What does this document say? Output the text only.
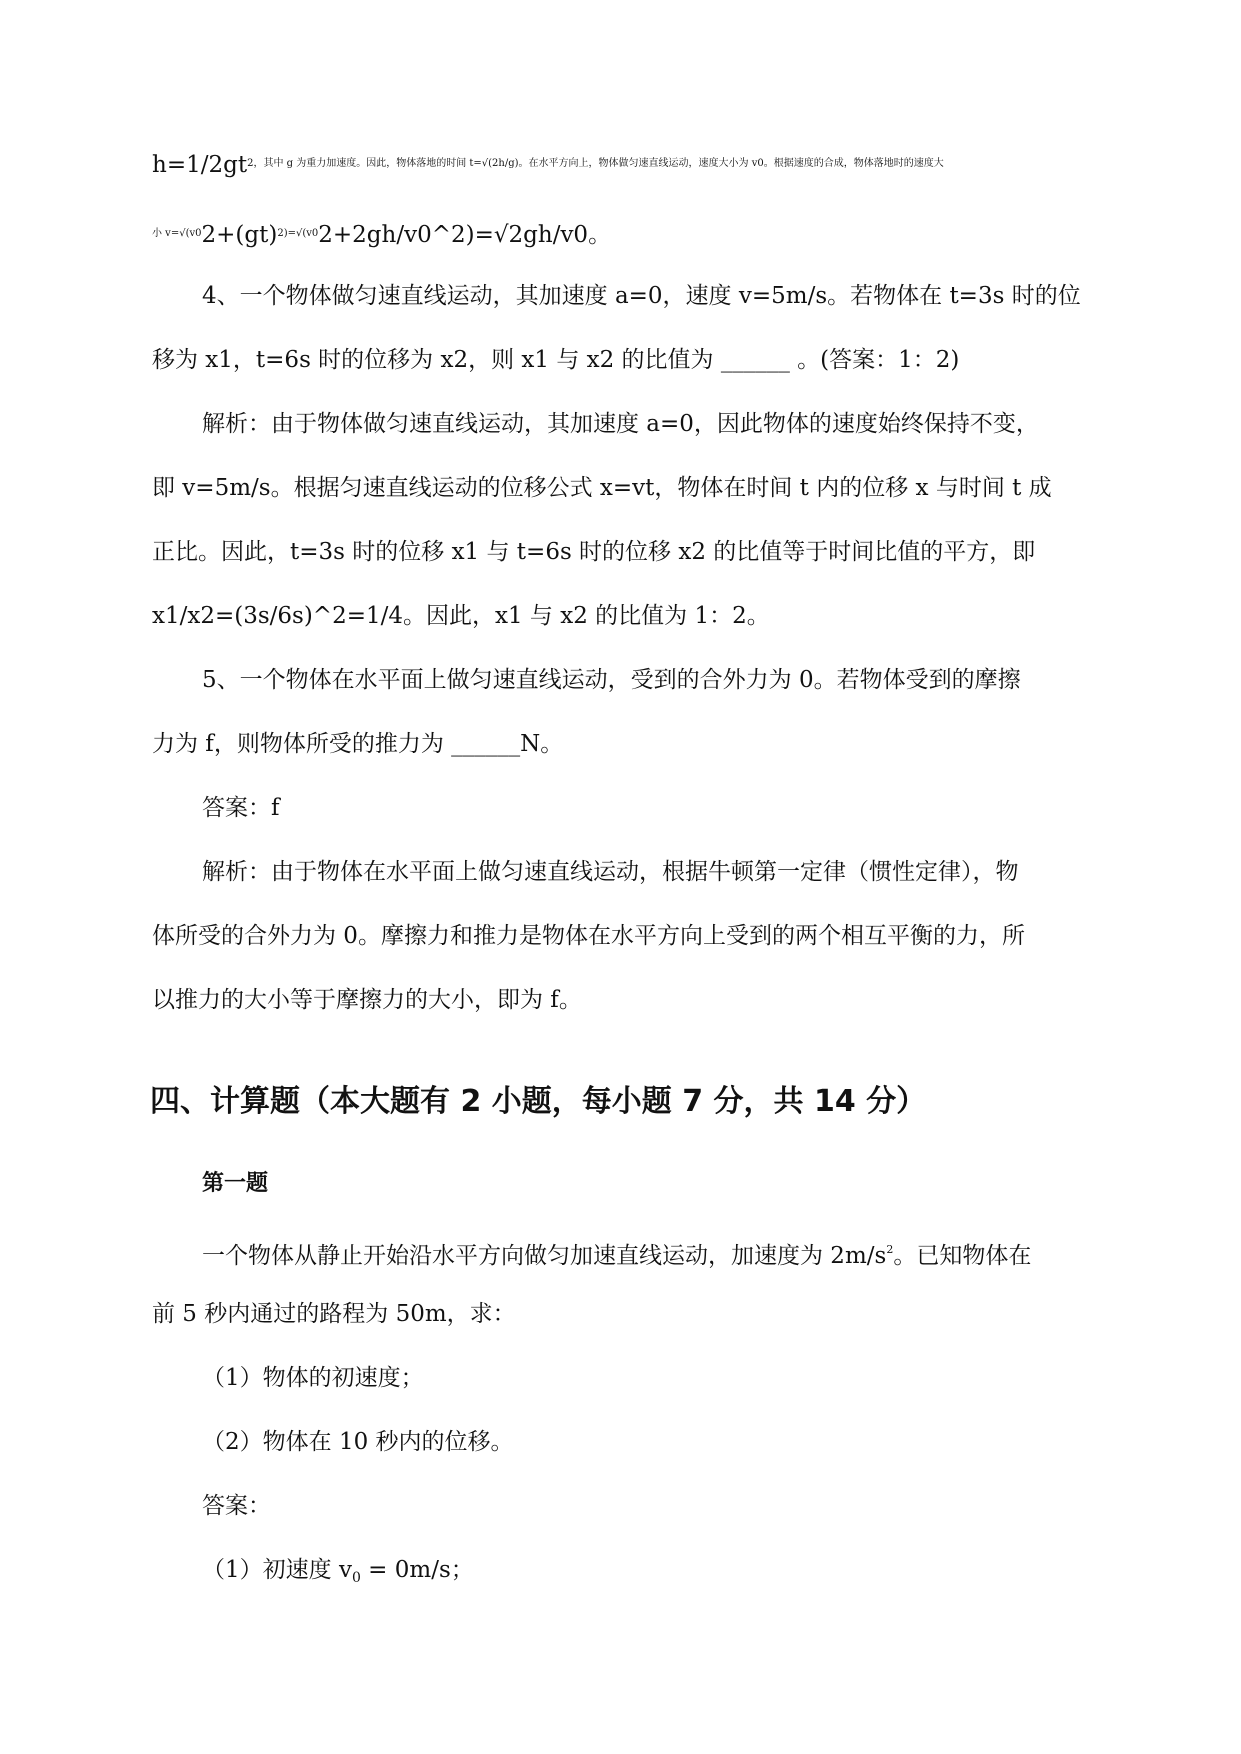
$h=1/2gt^{2,其中 g 为重力加速度。因此,物体落地的时间 t=√(2h/g)。在水平方向上,物体做匀速直线运动,速度大小为 v0。根据速度的合成,物体落地时的速度大}$
$^{小 v=√(v0}$2+(gt)$^{2)=√(v0}$2+2gh/v0^2)=√2gh/v0。
4、一个物体做匀速直线运动，其加速度 a=0，速度 v=5m/s。若物体在 t=3s 时的位
移为 x1，t=6s 时的位移为 x2，则 x1 与 x2 的比值为 ______ 。(答案：1：2)
解析：由于物体做匀速直线运动，其加速度 a=0，因此物体的速度始终保持不变，
即 v=5m/s。根据匀速直线运动的位移公式 x=vt，物体在时间 t 内的位移 x 与时间 t 成
正比。因此，t=3s 时的位移 x1 与 t=6s 时的位移 x2 的比值等于时间比值的平方，即
x1/x2=(3s/6s)^2=1/4。因此，x1 与 x2 的比值为 1：2。
5、一个物体在水平面上做匀速直线运动，受到的合外力为 0。若物体受到的摩擦
力为 f，则物体所受的推力为 ______N。
答案：f
解析：由于物体在水平面上做匀速直线运动，根据牛顿第一定律（惯性定律），物
体所受的合外力为 0。摩擦力和推力是物体在水平方向上受到的两个相互平衡的力，所
以推力的大小等于摩擦力的大小，即为 f。
四、计算题（本大题有 2 小题，每小题 7 分，共 14 分）
第一题
一个物体从静止开始沿水平方向做匀加速直线运动，加速度为 $2m/s^2$。已知物体在
前 5 秒内通过的路程为 50m，求：
（1）物体的初速度；
（2）物体在 10 秒内的位移。
答案：
（1）初速度 $v_0 = 0m/s$；
